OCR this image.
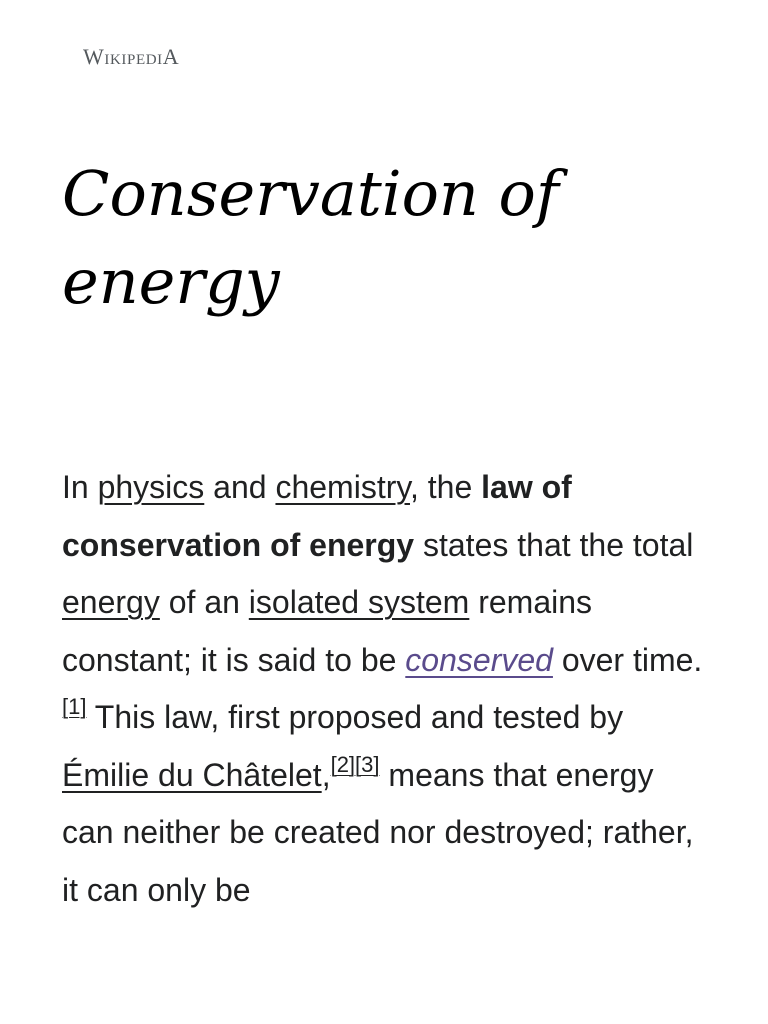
WikipediA
Conservation of energy

In physics and chemistry, the law of conservation of energy states that the total energy of an isolated system remains constant; it is said to be conserved over time.[1] This law, first proposed and tested by Émilie du Châtelet,[2][3] means that energy can neither be created nor destroyed; rather, it can only be
